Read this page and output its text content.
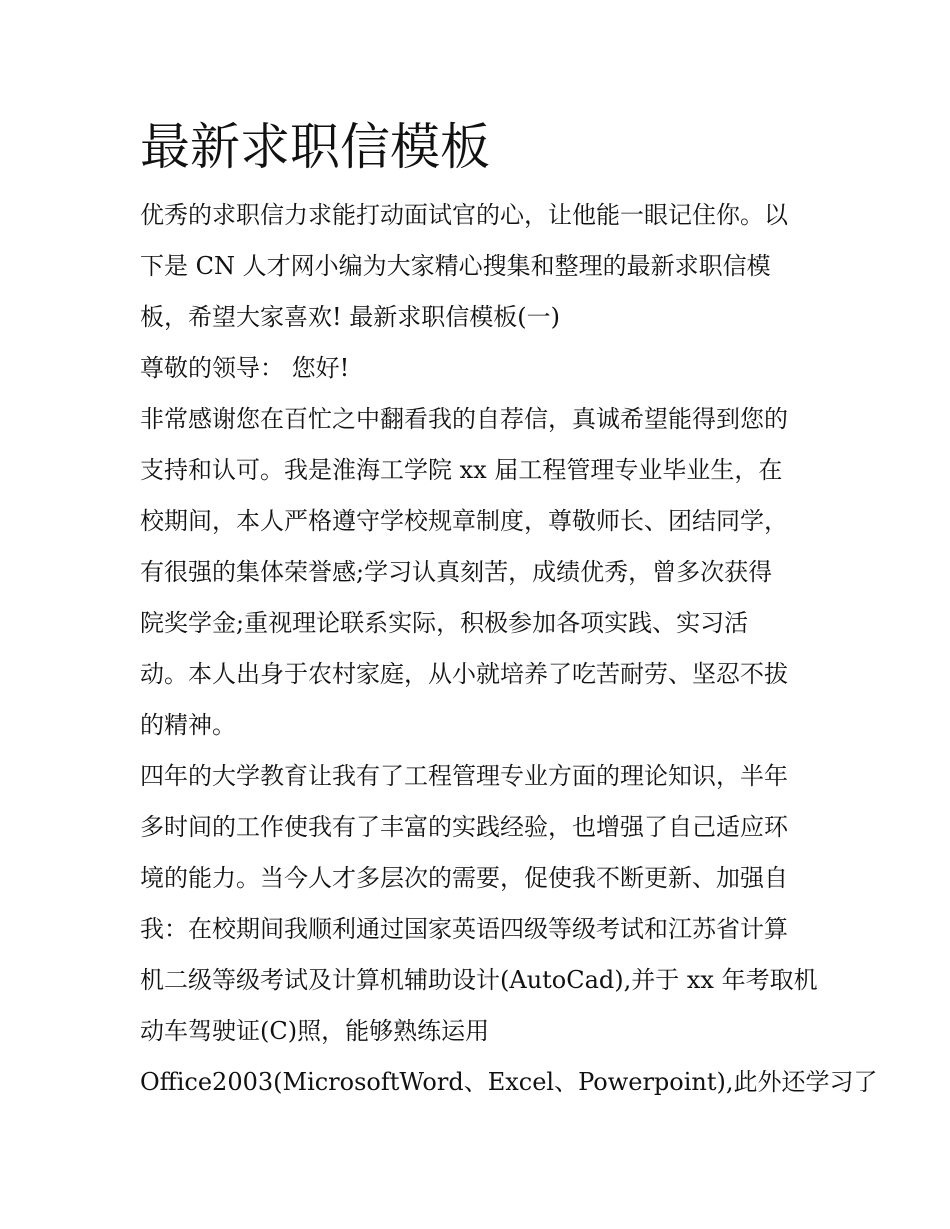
最新求职信模板

优秀的求职信力求能打动面试官的心，让他能一眼记住你。以

下是 CN 人才网小编为大家精心搜集和整理的最新求职信模

板，希望大家喜欢! 最新求职信模板(一)

尊敬的领导： 您好!

非常感谢您在百忙之中翻看我的自荐信，真诚希望能得到您的

支持和认可。我是淮海工学院 xx 届工程管理专业毕业生，在

校期间，本人严格遵守学校规章制度，尊敬师长、团结同学，

有很强的集体荣誉感;学习认真刻苦，成绩优秀，曾多次获得

院奖学金;重视理论联系实际，积极参加各项实践、实习活

动。本人出身于农村家庭，从小就培养了吃苦耐劳、坚忍不拔

的精神。

四年的大学教育让我有了工程管理专业方面的理论知识，半年

多时间的工作使我有了丰富的实践经验，也增强了自己适应环

境的能力。当今人才多层次的需要，促使我不断更新、加强自

我：在校期间我顺利通过国家英语四级等级考试和江苏省计算

机二级等级考试及计算机辅助设计(AutoCad),并于 xx 年考取机

动车驾驶证(C)照，能够熟练运用

Office2003(MicrosoftWord、Excel、Powerpoint),此外还学习了
